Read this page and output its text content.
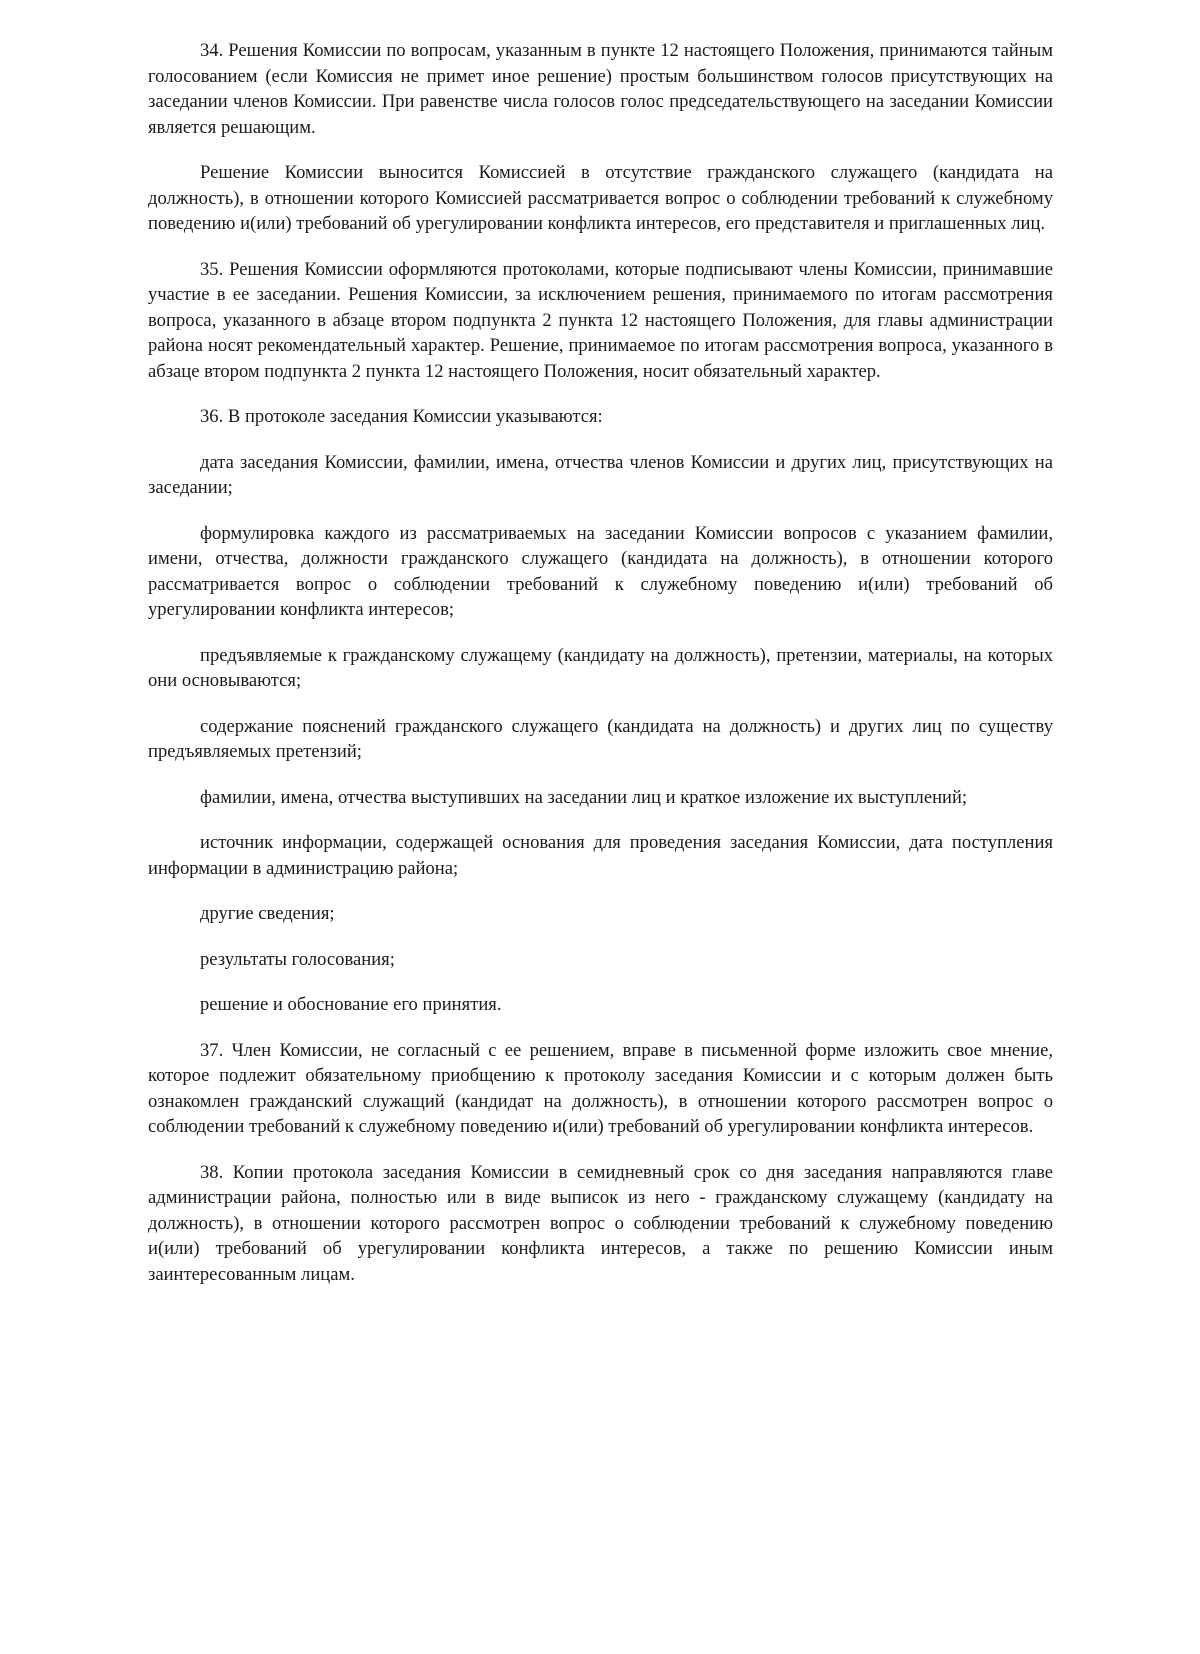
34. Решения Комиссии по вопросам, указанным в пункте 12 настоящего Положения, принимаются тайным голосованием (если Комиссия не примет иное решение) простым большинством голосов присутствующих на заседании членов Комиссии. При равенстве числа голосов голос председательствующего на заседании Комиссии является решающим.

Решение Комиссии выносится Комиссией в отсутствие гражданского служащего (кандидата на должность), в отношении которого Комиссией рассматривается вопрос о соблюдении требований к служебному поведению и(или) требований об урегулировании конфликта интересов, его представителя и приглашенных лиц.

35. Решения Комиссии оформляются протоколами, которые подписывают члены Комиссии, принимавшие участие в ее заседании. Решения Комиссии, за исключением решения, принимаемого по итогам рассмотрения вопроса, указанного в абзаце втором подпункта 2 пункта 12 настоящего Положения, для главы администрации района носят рекомендательный характер. Решение, принимаемое по итогам рассмотрения вопроса, указанного в абзаце втором подпункта 2 пункта 12 настоящего Положения, носит обязательный характер.

36. В протоколе заседания Комиссии указываются:

дата заседания Комиссии, фамилии, имена, отчества членов Комиссии и других лиц, присутствующих на заседании;

формулировка каждого из рассматриваемых на заседании Комиссии вопросов с указанием фамилии, имени, отчества, должности гражданского служащего (кандидата на должность), в отношении которого рассматривается вопрос о соблюдении требований к служебному поведению и(или) требований об урегулировании конфликта интересов;

предъявляемые к гражданскому служащему (кандидату на должность), претензии, материалы, на которых они основываются;

содержание пояснений гражданского служащего (кандидата на должность) и других лиц по существу предъявляемых претензий;

фамилии, имена, отчества выступивших на заседании лиц и краткое изложение их выступлений;

источник информации, содержащей основания для проведения заседания Комиссии, дата поступления информации в администрацию района;

другие сведения;

результаты голосования;

решение и обоснование его принятия.

37. Член Комиссии, не согласный с ее решением, вправе в письменной форме изложить свое мнение, которое подлежит обязательному приобщению к протоколу заседания Комиссии и с которым должен быть ознакомлен гражданский служащий (кандидат на должность), в отношении которого рассмотрен вопрос о соблюдении требований к служебному поведению и(или) требований об урегулировании конфликта интересов.

38. Копии протокола заседания Комиссии в семидневный срок со дня заседания направляются главе администрации района, полностью или в виде выписок из него - гражданскому служащему (кандидату на должность), в отношении которого рассмотрен вопрос о соблюдении требований к служебному поведению и(или) требований об урегулировании конфликта интересов, а также по решению Комиссии иным заинтересованным лицам.
